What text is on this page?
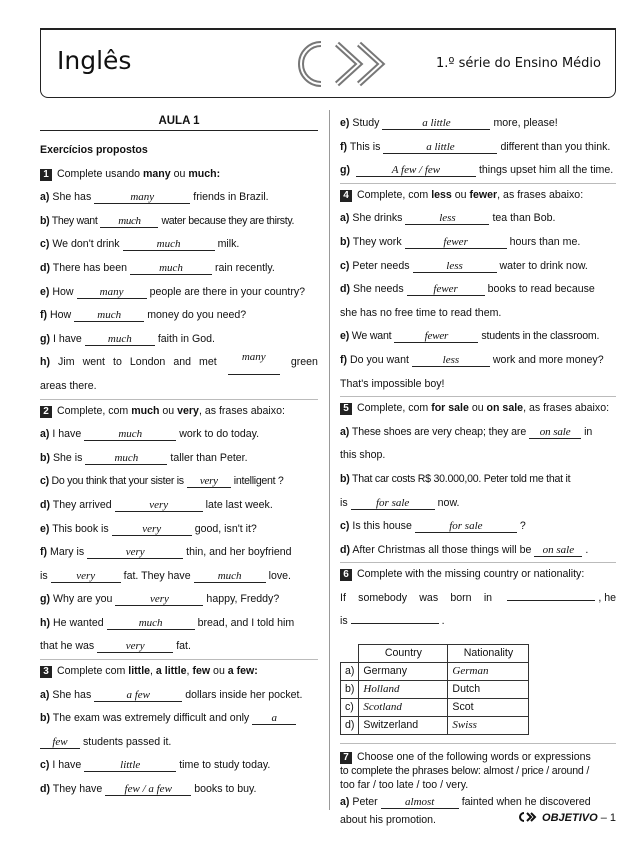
Inglês	1.º série do Ensino Médio
AULA 1
Exercícios propostos
1 Complete usando many ou much:
a) She has	many	friends in Brazil.
b) They want much water because they are thirsty.
c) We don't drink	much	milk.
d) There has been	much	rain recently.
e) How many people are there in your country?
f) How much money do you need?
g) I have much faith in God.
h) Jim went to London and met	many	green
areas there.
2 Complete, com much ou very, as frases abaixo:
a) I have	much	work to do today.
b) She is	much	taller than Peter.
c) Do you think that your sister is very intelligent ?
d) They arrived	very	late last week.
e) This book is	very	good, isn't it?
f) Mary is	very	thin, and her boyfriend
is	very	fat. They have much	love.
g) Why are you	very	happy, Freddy?
h) He wanted	much	bread, and I told him
that he was	very	fat.
3 Complete com little, a little, few ou a few:
a) She has	a few	dollars inside her pocket.
b) The exam was extremely difficult and only a
few students passed it.
c) I have	little	time to study today.
d) They have few / a few books to buy.
e) Study	a little	more, please!
f) This is	a little	different than you think.
g)	A few / few	things upset him all the time.
4 Complete, com less ou fewer, as frases abaixo:
a) She drinks	less	tea than Bob.
b) They work	fewer	hours than me.
c) Peter needs	less	water to drink now.
d) She needs	fewer	books to read because
she has no free time to read them.
e) We want	fewer	students in the classroom.
f) Do you want	less	work and more money?
That's impossible boy!
5 Complete, com for sale ou on sale, as frases abaixo:
a) These shoes are very cheap; they are on sale in
this shop.
b) That car costs R$ 30.000,00. Peter told me that it
is	for sale	now.
c) Is this house	for sale	?
d) After Christmas all those things will be on sale .
6 Complete with the missing country or nationality:
If somebody was born in	, he
is	.
	Country	Nationality
a)	Germany	German
b)	Holland	Dutch
c)	Scotland	Scot
d)	Switzerland	Swiss
7 Choose one of the following words or expressions
to complete the phrases below: almost / price / around /
too far / too late / too / very.
a) Peter almost	fainted when he discovered
about his promotion.	OBJETIVO – 1
